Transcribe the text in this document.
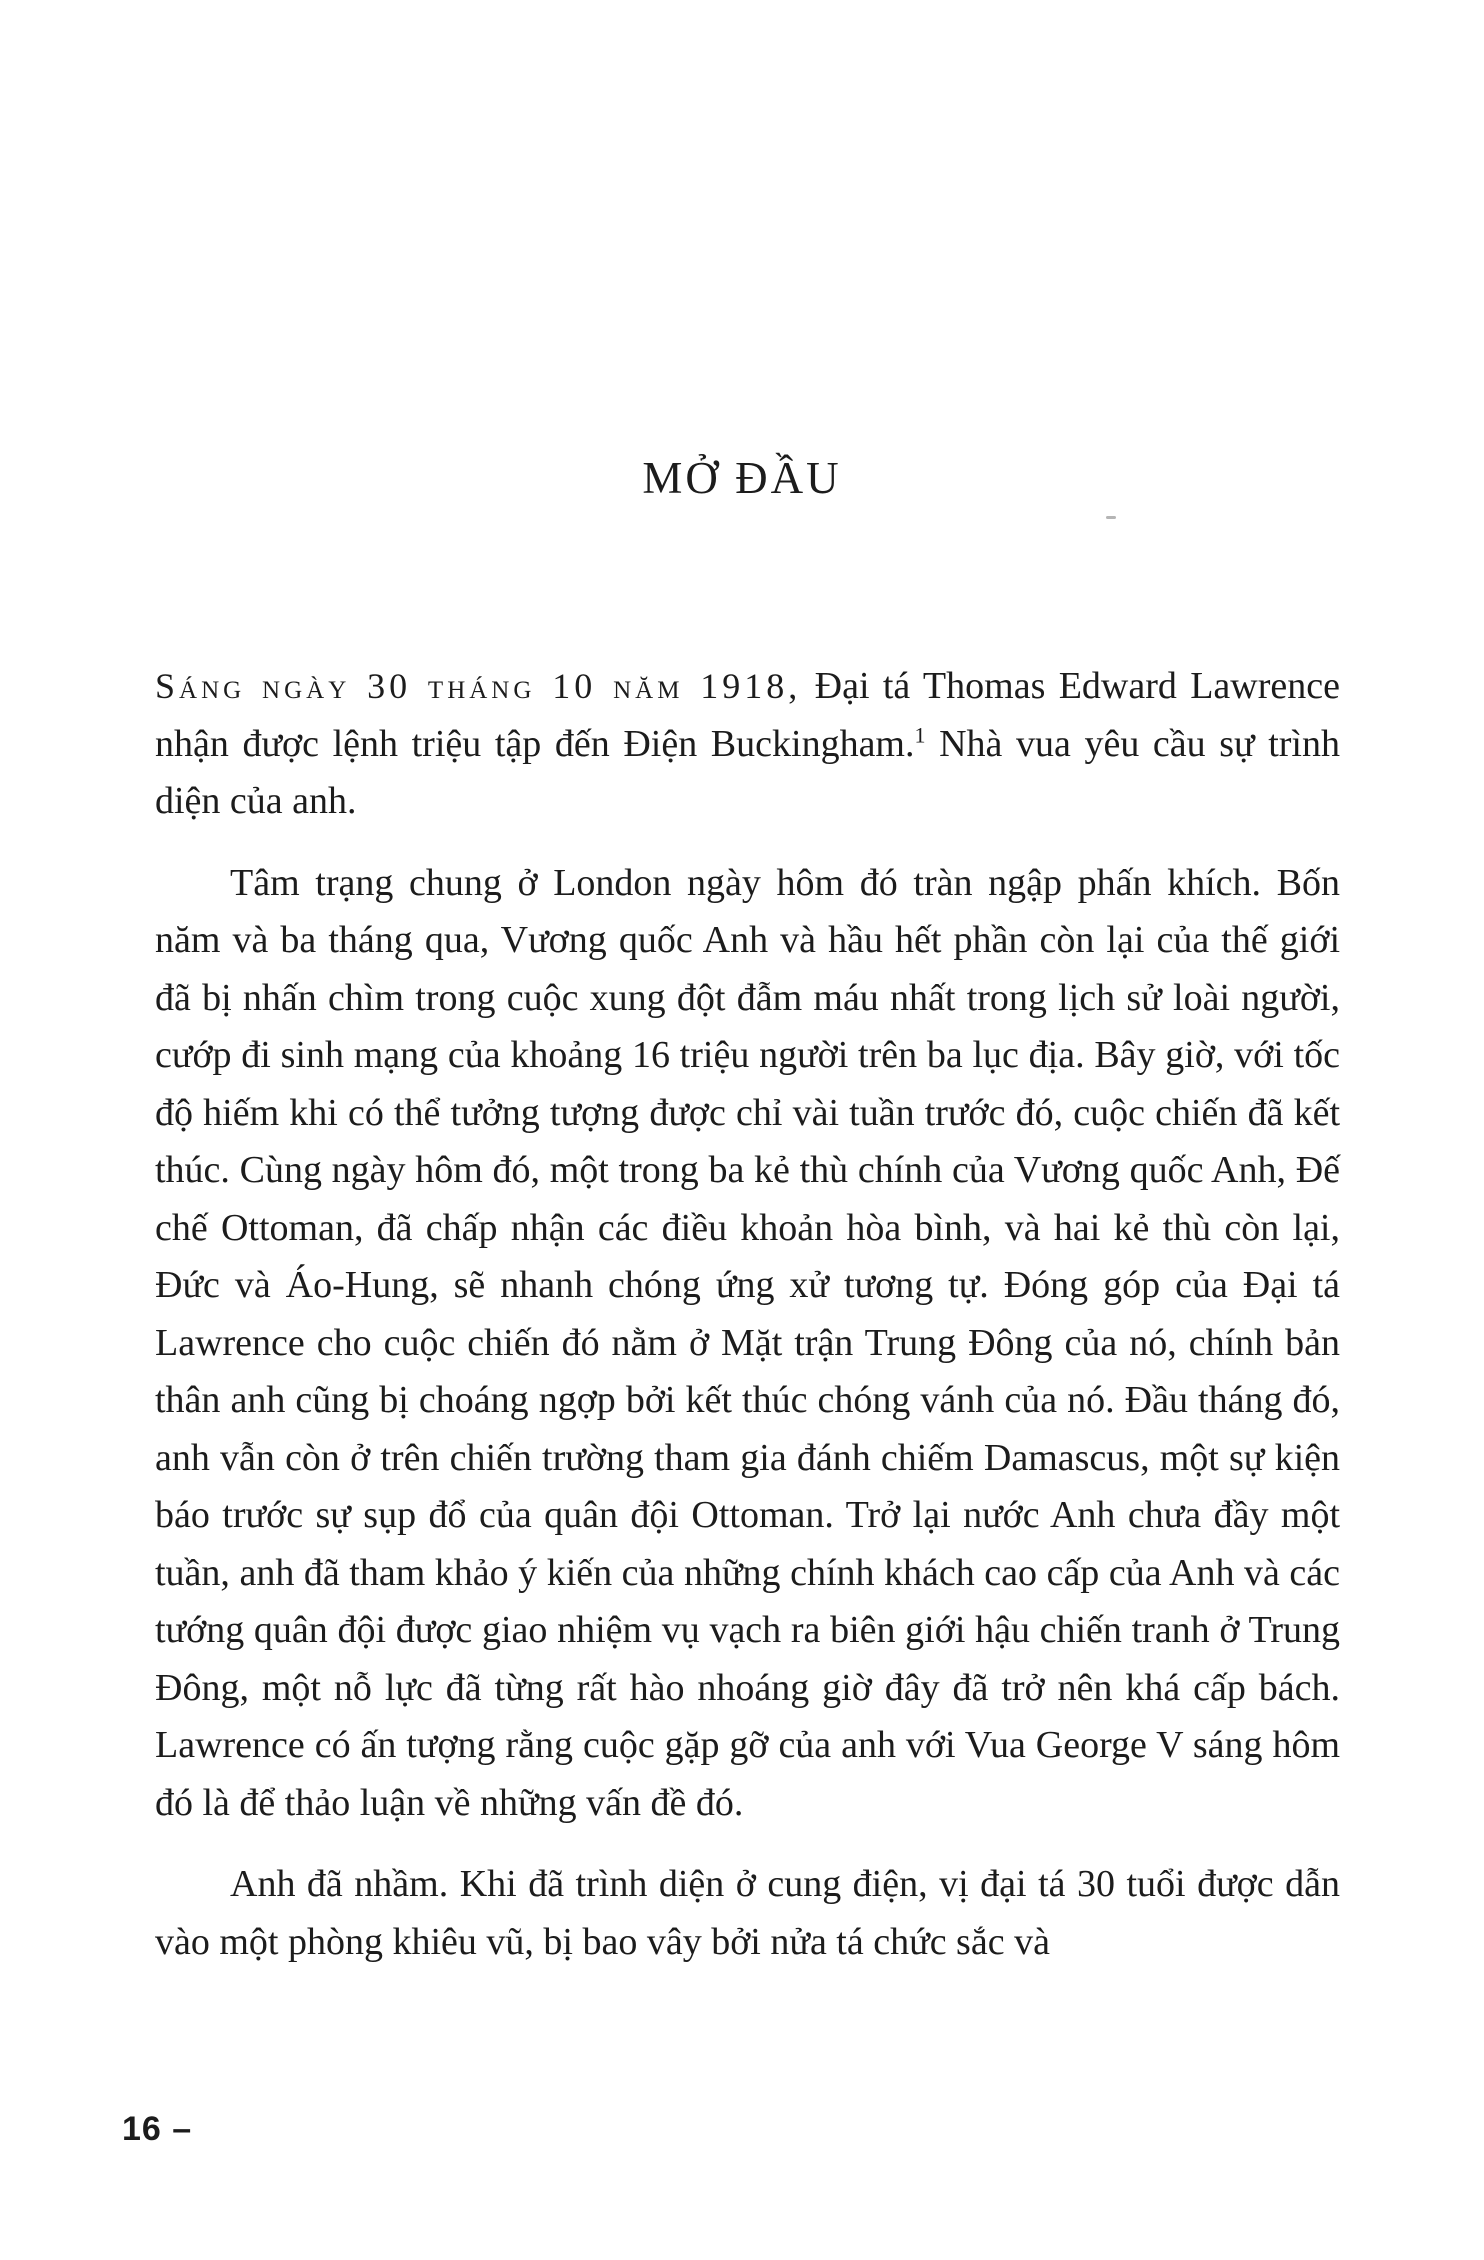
MỞ ĐẦU

Sáng ngày 30 tháng 10 năm 1918, Đại tá Thomas Edward Lawrence nhận được lệnh triệu tập đến Điện Buckingham.$^1$ Nhà vua yêu cầu sự trình diện của anh.

Tâm trạng chung ở London ngày hôm đó tràn ngập phấn khích. Bốn năm và ba tháng qua, Vương quốc Anh và hầu hết phần còn lại của thế giới đã bị nhấn chìm trong cuộc xung đột đẫm máu nhất trong lịch sử loài người, cướp đi sinh mạng của khoảng 16 triệu người trên ba lục địa. Bây giờ, với tốc độ hiếm khi có thể tưởng tượng được chỉ vài tuần trước đó, cuộc chiến đã kết thúc. Cùng ngày hôm đó, một trong ba kẻ thù chính của Vương quốc Anh, Đế chế Ottoman, đã chấp nhận các điều khoản hòa bình, và hai kẻ thù còn lại, Đức và Áo-Hung, sẽ nhanh chóng ứng xử tương tự. Đóng góp của Đại tá Lawrence cho cuộc chiến đó nằm ở Mặt trận Trung Đông của nó, chính bản thân anh cũng bị choáng ngợp bởi kết thúc chóng vánh của nó. Đầu tháng đó, anh vẫn còn ở trên chiến trường tham gia đánh chiếm Damascus, một sự kiện báo trước sự sụp đổ của quân đội Ottoman. Trở lại nước Anh chưa đầy một tuần, anh đã tham khảo ý kiến của những chính khách cao cấp của Anh và các tướng quân đội được giao nhiệm vụ vạch ra biên giới hậu chiến tranh ở Trung Đông, một nỗ lực đã từng rất hào nhoáng giờ đây đã trở nên khá cấp bách. Lawrence có ấn tượng rằng cuộc gặp gỡ của anh với Vua George V sáng hôm đó là để thảo luận về những vấn đề đó.

Anh đã nhầm. Khi đã trình diện ở cung điện, vị đại tá 30 tuổi được dẫn vào một phòng khiêu vũ, bị bao vây bởi nửa tá chức sắc và

16 –
